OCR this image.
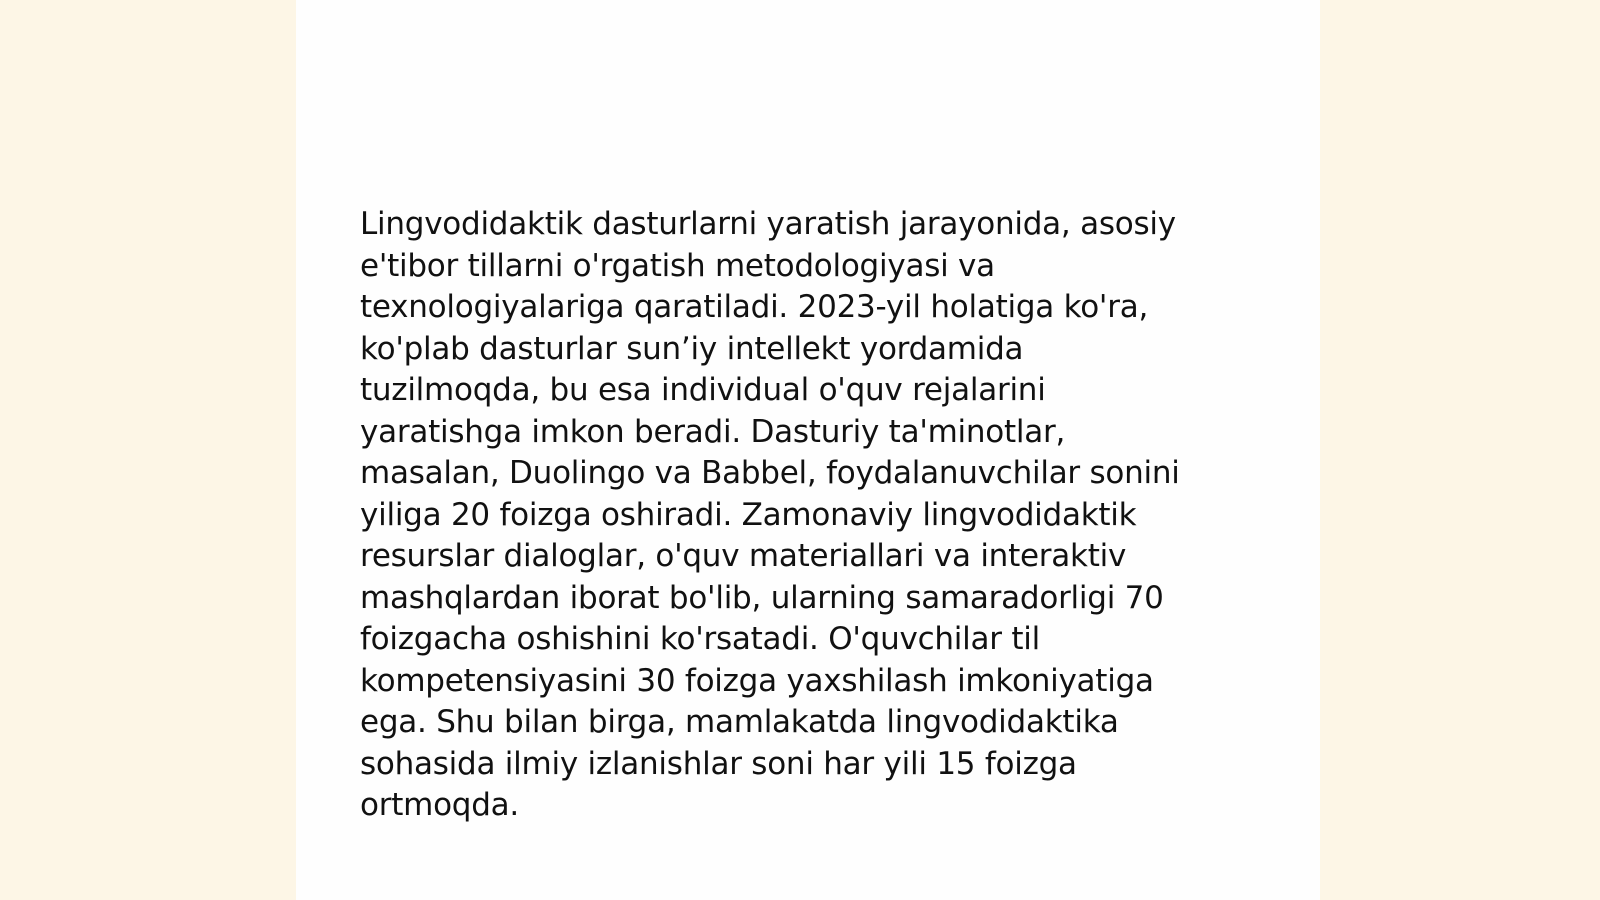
Lingvodidaktik dasturlarni yaratish jarayonida, asosiy
e'tibor tillarni o'rgatish metodologiyasi va
texnologiyalariga qaratiladi. 2023-yil holatiga ko'ra,
ko'plab dasturlar sun’iy intellekt yordamida
tuzilmoqda, bu esa individual o'quv rejalarini
yaratishga imkon beradi. Dasturiy ta'minotlar,
masalan, Duolingo va Babbel, foydalanuvchilar sonini
yiliga 20 foizga oshiradi. Zamonaviy lingvodidaktik
resurslar dialoglar, o'quv materiallari va interaktiv
mashqlardan iborat bo'lib, ularning samaradorligi 70
foizgacha oshishini ko'rsatadi. O'quvchilar til
kompetensiyasini 30 foizga yaxshilash imkoniyatiga
ega. Shu bilan birga, mamlakatda lingvodidaktika
sohasida ilmiy izlanishlar soni har yili 15 foizga
ortmoqda.
